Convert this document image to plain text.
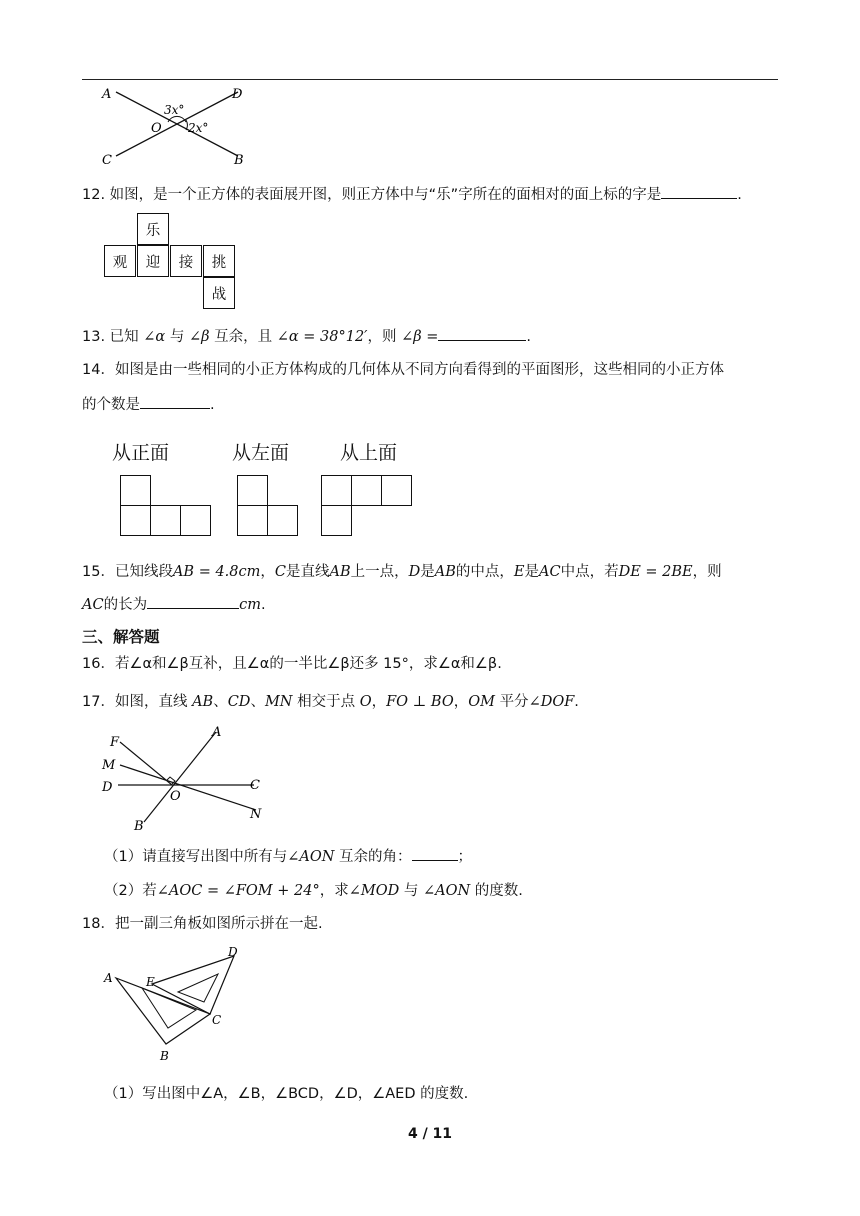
A	D
O
C	B
3x°
2x°
12. 如图，是一个正方体的表面展开图，则正方体中与“乐”字所在的面相对的面上标的字是	.
乐
观	迎	接	挑
战
13. 已知 ∠α 与 ∠β 互余，且 ∠α = 38°12′，则 ∠β =	.
14．如图是由一些相同的小正方体构成的几何体从不同方向看得到的平面图形，这些相同的小正方体
的个数是	.
从正面	从左面	从上面
15．已知线段AB = 4.8cm，C是直线AB上一点，D是AB的中点，E是AC中点，若DE = 2BE，则
AC的长为	cm.
三、解答题
16．若∠α和∠β互补，且∠α的一半比∠β还多 15°，求∠α和∠β.
17．如图，直线 AB、CD、MN 相交于点 O，FO ⊥ BO，OM 平分∠DOF.
F
A
M
C
D
O
N
B
（1）请直接写出图中所有与∠AON 互余的角：	；
（2）若∠AOC = ∠FOM + 24°，求∠MOD 与 ∠AON 的度数.
18．把一副三角板如图所示拼在一起.
A
D
E
C
B
（1）写出图中∠A，∠B，∠BCD，∠D，∠AED 的度数.
4 / 11
